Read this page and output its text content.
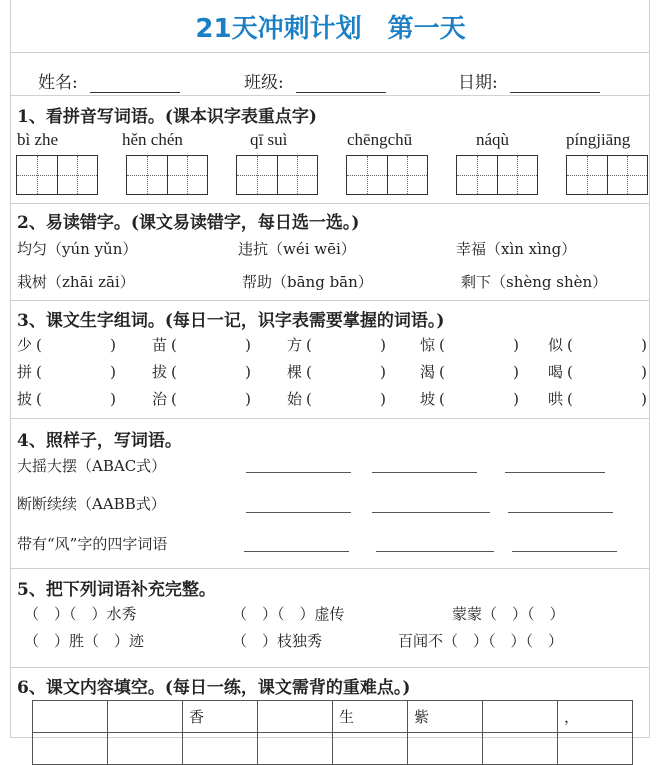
21天冲刺计划　第一天
姓名:	班级:	日期:
1、看拼音写词语。(课本识字表重点字)
bì zhe	hěn chén	qī suì	chēngchū	náqù	píngjiāng
2、易读错字。(课文易读错字，每日选一选。)
均匀（yún yǔn）	违抗（wéi wēi）	幸福（xìn xìng）
栽树（zhāi zāi）	帮助（bāng bān）	剩下（shèng shèn）
3、课文生字组词。(每日一记，识字表需要掌握的词语。)
少 (	) 苗 (	) 方 (	) 惊 (	) 似 (	)
拼 (	) 拔 (	) 棵 (	) 渴 (	) 喝 (	)
披 (	) 治 (	) 始 (	) 坡 (	) 哄 (	)
4、照样子，写词语。
大摇大摆（ABAC式）
断断续续（AABB式）
带有“风”字的四字词语
5、把下列词语补充完整。
（　）（　）水秀	（　）（　）虚传	蒙蒙（　）（　）
（　）胜（　）迹	（　）枝独秀	百闻不（　）（　）（　）
6、课文内容填空。(每日一练，课文需背的重难点。)
		香		生	紫		，
